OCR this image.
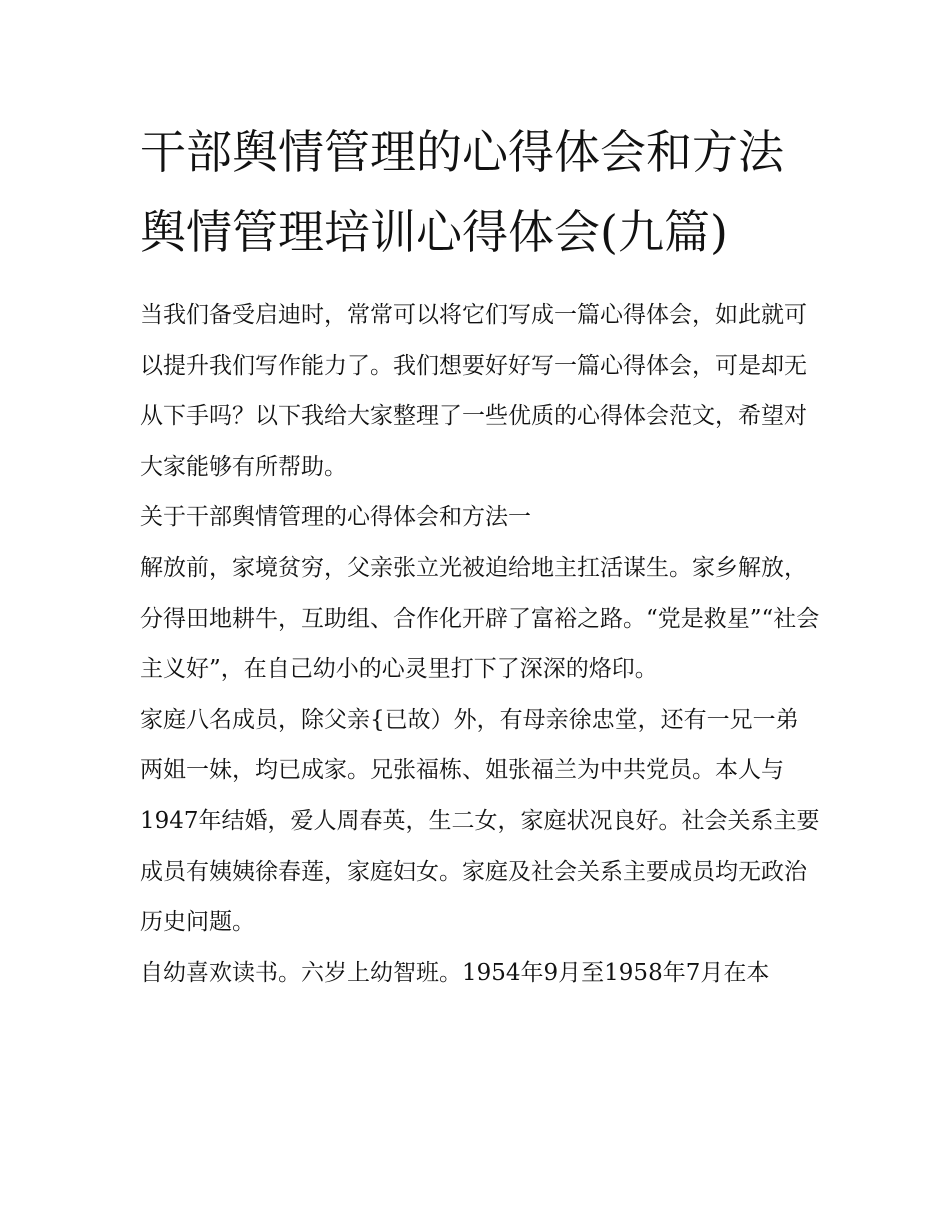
干部舆情管理的心得体会和方法 舆情管理培训心得体会(九篇)

当我们备受启迪时，常常可以将它们写成一篇心得体会，如此就可以提升我们写作能力了。我们想要好好写一篇心得体会，可是却无从下手吗？以下我给大家整理了一些优质的心得体会范文，希望对大家能够有所帮助。

关于干部舆情管理的心得体会和方法一

解放前，家境贫穷，父亲张立光被迫给地主扛活谋生。家乡解放，分得田地耕牛，互助组、合作化开辟了富裕之路。“党是救星”“社会主义好”，在自己幼小的心灵里打下了深深的烙印。

家庭八名成员，除父亲{已故）外，有母亲徐忠堂，还有一兄一弟两姐一妹，均已成家。兄张福栋、姐张福兰为中共党员。本人与1947年结婚，爱人周春英，生二女，家庭状况良好。社会关系主要成员有姨姨徐春莲，家庭妇女。家庭及社会关系主要成员均无政治历史问题。

自幼喜欢读书。六岁上幼智班。1954年9月至1958年7月在本
